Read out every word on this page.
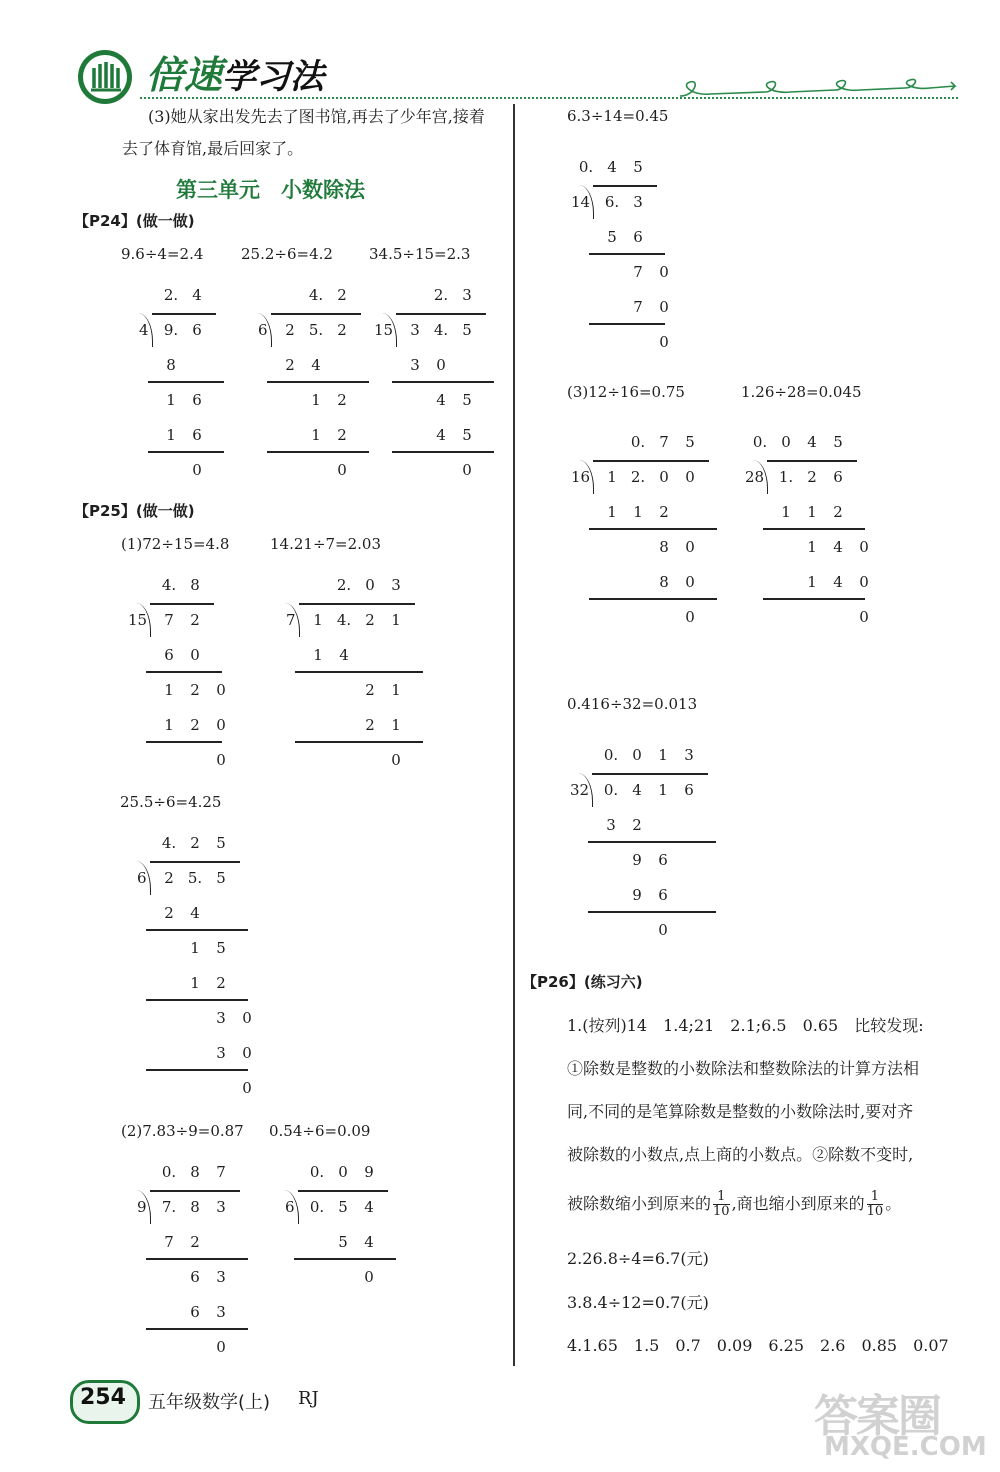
倍速学习法
(3)她从家出发先去了图书馆,再去了少年宫,接着
去了体育馆,最后回家了。
第三单元　小数除法
【P24】(做一做)
9.6÷4=2.4	25.2÷6=4.2 34.5÷15=2.3
【P25】(做一做)
(1)72÷15=4.8	14.21÷7=2.03
25.5÷6=4.25
(2)7.83÷9=0.87 0.54÷6=0.09
6.3÷14=0.45
(3)12÷16=0.75	1.26÷28=0.045
0.416÷32=0.013
【P26】(练习六)
1.(按列)14　1.4;21　2.1;6.5　0.65　比较发现:
①除数是整数的小数除法和整数除法的计算方法相
同,不同的是笔算除数是整数的小数除法时,要对齐
被除数的小数点,点上商的小数点。②除数不变时,
被除数缩小到原来的 $\frac{1}{10}$ ,商也缩小到原来的 $\frac{1}{10}$ 。
2.26.8÷4=6.7(元)
3.8.4÷12=0.7(元)
4.1.65　1.5　0.7　0.09　6.25　2.6　0.85　0.07
2. 4
4	9. 6
8
1 6
1 6
0
4. 2
6	2 5. 2
2 4
1 2
1 2
0
2. 3
15	3 4. 5
3 0
4 5
4 5
0
4. 8
15	7 2
6 0
1 2 0
1 2 0
0
2. 0 3
7	1 4. 2 1
1 4
2 1
2 1
0
4. 2 5
6	2 5. 5
2 4
1 5
1 2
3 0
3 0
0
0. 8 7
9	7. 8 3
7 2
6 3
6 3
0
0. 0 9
6	0. 5 4
5 4
0
0. 4 5
14 6. 3
5 6
7 0
7 0
0
0. 7 5
16	1 2. 0 0
1 1 2
8 0
8 0
0
0. 0 4 5
28 1. 2 6
1 1 2
1 4 0
1 4 0
0
0. 0 1 3
32 0. 4 1 6
3 2
9 6
9 6
0
254 五年级数学(上) RJ	答案圈
MXQE.COM
